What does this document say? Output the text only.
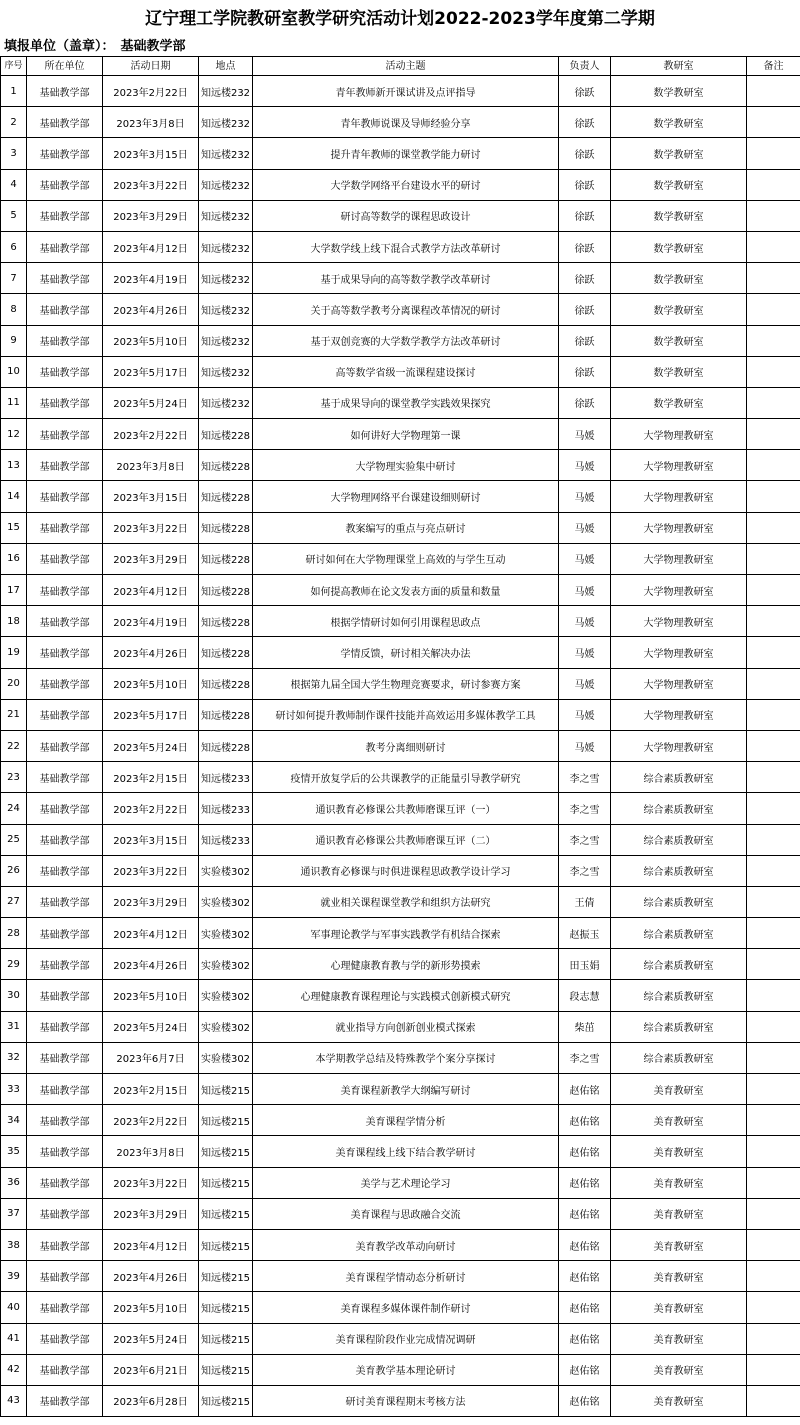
辽宁理工学院教研室教学研究活动计划2022-2023学年度第二学期
填报单位（盖章）： 基础教学部
序号	所在单位	活动日期	地点	活动主题	负责人	教研室	备注
1	基础教学部	2023年2月22日	知远楼232	青年教师新开课试讲及点评指导	徐跃	数学教研室	
2	基础教学部	2023年3月8日	知远楼232	青年教师说课及导师经验分享	徐跃	数学教研室	
3	基础教学部	2023年3月15日	知远楼232	提升青年教师的课堂教学能力研讨	徐跃	数学教研室	
4	基础教学部	2023年3月22日	知远楼232	大学数学网络平台建设水平的研讨	徐跃	数学教研室	
5	基础教学部	2023年3月29日	知远楼232	研讨高等数学的课程思政设计	徐跃	数学教研室	
6	基础教学部	2023年4月12日	知远楼232	大学数学线上线下混合式教学方法改革研讨	徐跃	数学教研室	
7	基础教学部	2023年4月19日	知远楼232	基于成果导向的高等数学教学改革研讨	徐跃	数学教研室	
8	基础教学部	2023年4月26日	知远楼232	关于高等数学教考分离课程改革情况的研讨	徐跃	数学教研室	
9	基础教学部	2023年5月10日	知远楼232	基于双创竞赛的大学数学教学方法改革研讨	徐跃	数学教研室	
10	基础教学部	2023年5月17日	知远楼232	高等数学省级一流课程建设探讨	徐跃	数学教研室	
11	基础教学部	2023年5月24日	知远楼232	基于成果导向的课堂教学实践效果探究	徐跃	数学教研室	
12	基础教学部	2023年2月22日	知远楼228	如何讲好大学物理第一课	马媛	大学物理教研室	
13	基础教学部	2023年3月8日	知远楼228	大学物理实验集中研讨	马媛	大学物理教研室	
14	基础教学部	2023年3月15日	知远楼228	大学物理网络平台课建设细则研讨	马媛	大学物理教研室	
15	基础教学部	2023年3月22日	知远楼228	教案编写的重点与亮点研讨	马媛	大学物理教研室	
16	基础教学部	2023年3月29日	知远楼228	研讨如何在大学物理课堂上高效的与学生互动	马媛	大学物理教研室	
17	基础教学部	2023年4月12日	知远楼228	如何提高教师在论文发表方面的质量和数量	马媛	大学物理教研室	
18	基础教学部	2023年4月19日	知远楼228	根据学情研讨如何引用课程思政点	马媛	大学物理教研室	
19	基础教学部	2023年4月26日	知远楼228	学情反馈，研讨相关解决办法	马媛	大学物理教研室	
20	基础教学部	2023年5月10日	知远楼228	根据第九届全国大学生物理竞赛要求，研讨参赛方案	马媛	大学物理教研室	
21	基础教学部	2023年5月17日	知远楼228	研讨如何提升教师制作课件技能并高效运用多媒体教学工具	马媛	大学物理教研室	
22	基础教学部	2023年5月24日	知远楼228	教考分离细则研讨	马媛	大学物理教研室	
23	基础教学部	2023年2月15日	知远楼233	疫情开放复学后的公共课教学的正能量引导教学研究	李之雪	综合素质教研室	
24	基础教学部	2023年2月22日	知远楼233	通识教育必修课公共教师磨课互评（一）	李之雪	综合素质教研室	
25	基础教学部	2023年3月15日	知远楼233	通识教育必修课公共教师磨课互评（二）	李之雪	综合素质教研室	
26	基础教学部	2023年3月22日	实验楼302	通识教育必修课与时俱进课程思政教学设计学习	李之雪	综合素质教研室	
27	基础教学部	2023年3月29日	实验楼302	就业相关课程课堂教学和组织方法研究	王倩	综合素质教研室	
28	基础教学部	2023年4月12日	实验楼302	军事理论教学与军事实践教学有机结合探索	赵振玉	综合素质教研室	
29	基础教学部	2023年4月26日	实验楼302	心理健康教育教与学的新形势摸索	田玉娟	综合素质教研室	
30	基础教学部	2023年5月10日	实验楼302	心理健康教育课程理论与实践模式创新模式研究	段志慧	综合素质教研室	
31	基础教学部	2023年5月24日	实验楼302	就业指导方向创新创业模式探索	柴茁	综合素质教研室	
32	基础教学部	2023年6月7日	实验楼302	本学期教学总结及特殊教学个案分享探讨	李之雪	综合素质教研室	
33	基础教学部	2023年2月15日	知远楼215	美育课程新教学大纲编写研讨	赵佑铭	美育教研室	
34	基础教学部	2023年2月22日	知远楼215	美育课程学情分析	赵佑铭	美育教研室	
35	基础教学部	2023年3月8日	知远楼215	美育课程线上线下结合教学研讨	赵佑铭	美育教研室	
36	基础教学部	2023年3月22日	知远楼215	美学与艺术理论学习	赵佑铭	美育教研室	
37	基础教学部	2023年3月29日	知远楼215	美育课程与思政融合交流	赵佑铭	美育教研室	
38	基础教学部	2023年4月12日	知远楼215	美育教学改革动向研讨	赵佑铭	美育教研室	
39	基础教学部	2023年4月26日	知远楼215	美育课程学情动态分析研讨	赵佑铭	美育教研室	
40	基础教学部	2023年5月10日	知远楼215	美育课程多媒体课件制作研讨	赵佑铭	美育教研室	
41	基础教学部	2023年5月24日	知远楼215	美育课程阶段作业完成情况调研	赵佑铭	美育教研室	
42	基础教学部	2023年6月21日	知远楼215	美育教学基本理论研讨	赵佑铭	美育教研室	
43	基础教学部	2023年6月28日	知远楼215	研讨美育课程期末考核方法	赵佑铭	美育教研室	
